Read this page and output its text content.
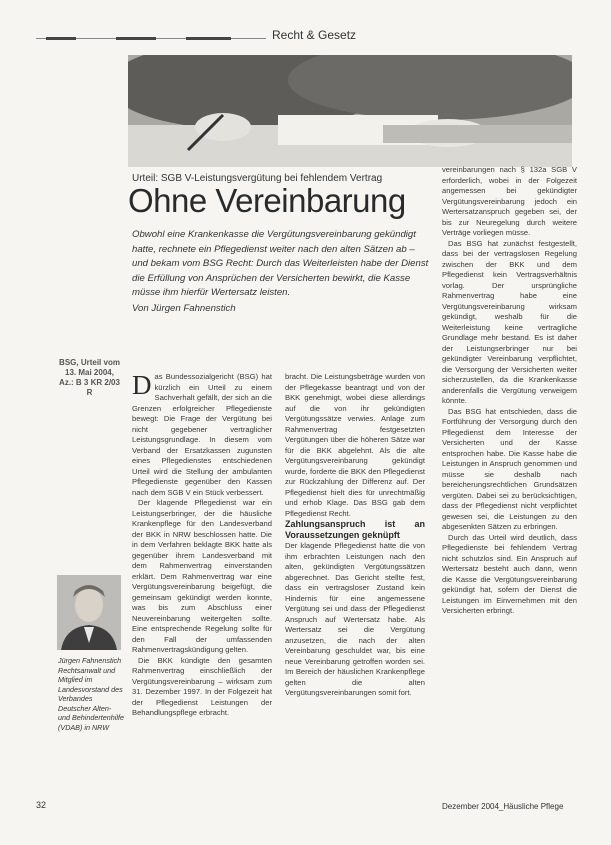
Recht & Gesetz
Urteil: SGB V-Leistungsvergütung bei fehlendem Vertrag
Ohne Vereinbarung

Obwohl eine Krankenkasse die Vergütungsvereinbarung gekündigt hatte, rechnete ein Pflegedienst weiter nach den alten Sätzen ab – und bekam vom BSG Recht: Durch das Weiterleisten habe der Dienst die Erfüllung von Ansprüchen der Versicherten bewirkt, die Kasse müsse ihm hierfür Wertersatz leisten.

Von Jürgen Fahnenstich

BSG, Urteil vom 13. Mai 2004, Az.: B 3 KR 2/03 R

Jürgen Fahnenstich

Rechtsanwalt und Mitglied im Landesvorstand des Verbandes Deutscher Alten- und Behindertenhilfe (VDAB) in NRW

Das Bundessozialgericht (BSG) hat kürzlich ein Urteil zu einem Sachverhalt gefällt, der sich an die Grenzen erfolgreicher Pflegedienste bewegt: Die Frage der Vergütung bei nicht gegebener vertraglicher Leistungsgrundlage. In diesem vom Verband der Ersatzkassen zugunsten eines Pflegedienstes entschiedenen Urteil wird die Stellung der ambulanten Pflegedienste gegenüber den Kassen nach dem SGB V ein Stück verbessert.

Der klagende Pflegedienst war ein Leistungserbringer, der die häusliche Krankenpflege für den Landesverband der BKK in NRW beschlossen hatte. Die in dem Verfahren beklagte BKK hatte als gegenüber ihrem Landesverband mit dem Rahmenvertrag einverstanden erklärt. Dem Rahmenvertrag war eine Vergütungsvereinbarung beigefügt, die gemeinsam gekündigt werden konnte, was bis zum Abschluss einer Neuvereinbarung weitergelten sollte. Eine entsprechende Regelung sollte für den Fall der umfassenden Rahmenvertragskündigung gelten.

Die BKK kündigte den gesamten Rahmenvertrag einschließlich der Vergütungsvereinbarung – wirksam zum 31. Dezember 1997. In der Folgezeit hat der Pflegedienst Leistungen der Behandlungspflege erbracht.

bracht. Die Leistungsbeträge wurden von der Pflegekasse beantragt und von der BKK genehmigt, wobei diese allerdings auf die von ihr gekündigten Vergütungssätze verwies. Anlage zum Rahmenvertrag festgesetzten Vergütungen über die höheren Sätze war für die BKK abgelehnt. Als die alte Vergütungsvereinbarung gekündigt wurde, forderte die BKK den Pflegedienst zur Rückzahlung der Differenz auf. Der Pflegedienst hielt dies für unrechtmäßig und erhob Klage. Das BSG gab dem Pflegedienst Recht.

Zahlungsanspruch ist an Voraussetzungen geknüpft

Der klagende Pflegedienst hatte die von ihm erbrachten Leistungen nach den alten, gekündigten Vergütungssätzen abgerechnet. Das Gericht stellte fest, dass ein vertragsloser Zustand kein Hindernis für eine angemessene Vergütung sei und dass der Pflegedienst Anspruch auf Wertersatz habe. Als Wertersatz sei die Vergütung anzusetzen, die nach der alten Vereinbarung geschuldet war, bis eine neue Vereinbarung getroffen worden sei. Im Bereich der häuslichen Krankenpflege gelten die alten Vergütungsvereinbarungen somit fort.

vereinbarungen nach § 132a SGB V erforderlich, wobei in der Folgezeit angemessen bei gekündigter Vergütungsvereinbarung jedoch ein Wertersatzanspruch gegeben sei, der bis zur Neuregelung durch weitere Verträge vorliegen müsse.

Das BSG hat zunächst festgestellt, dass bei der vertragslosen Regelung zwischen der BKK und dem Pflegedienst kein Vertragsverhältnis vorlag. Der ursprüngliche Rahmenvertrag habe eine Vergütungsvereinbarung wirksam gekündigt, weshalb für die Weiterleistung keine vertragliche Grundlage mehr bestand. Es ist daher der Leistungserbringer nur bei gekündigter Vereinbarung verpflichtet, die Versorgung der Versicherten weiter sicherzustellen, da die Krankenkasse anderenfalls die Vergütung verweigern könnte.

Das BSG hat entschieden, dass die Fortführung der Versorgung durch den Pflegedienst dem Interesse der Versicherten und der Kasse entsprochen habe. Die Kasse habe die Leistungen in Anspruch genommen und müsse sie deshalb nach bereicherungsrechtlichen Grundsätzen vergüten. Dabei sei zu berücksichtigen, dass der Pflegedienst nicht verpflichtet gewesen sei, die Leistungen zu den abgesenkten Sätzen zu erbringen.

Durch das Urteil wird deutlich, dass Pflegedienste bei fehlendem Vertrag nicht schutzlos sind. Ein Anspruch auf Wertersatz besteht auch dann, wenn die Kasse die Vergütungsvereinbarung gekündigt hat, sofern der Dienst die Leistungen im Einvernehmen mit den Versicherten erbringt.

32	Dezember 2004_Häusliche Pflege
